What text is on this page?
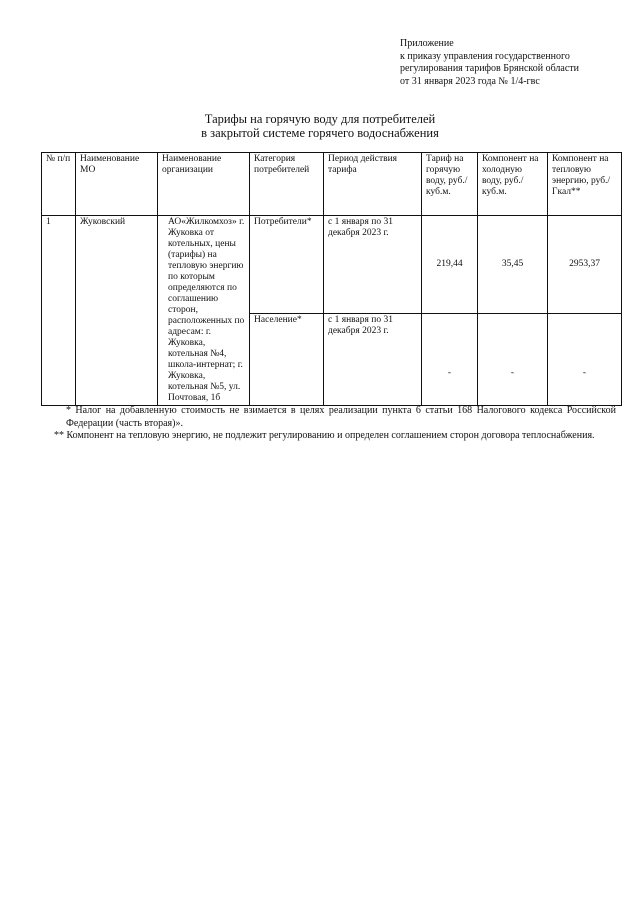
Приложение
к приказу управления государственного
регулирования тарифов Брянской области
от 31 января 2023 года № 1/4-гвс
Тарифы на горячую воду для потребителей
в закрытой системе горячего водоснабжения
№ п/п	Наименование МО	Наименование организации	Категория потребителей	Период действия тарифа	Тариф на горячую воду, руб./ куб.м.	Компонент на холодную воду, руб./ куб.м.	Компонент на тепловую энергию, руб./ Гкал**
1	Жуковский	АО«Жилкомхоз» г. Жуковка от котельных, цены (тарифы) на тепловую энергию по которым определяются по соглашению сторон, расположенных по адресам: г. Жуковка, котельная №4, школа-интернат; г. Жуковка, котельная №5, ул. Почтовая, 1б	Потребители*	с 1 января по 31 декабря 2023 г.	219,44	35,45	2953,37
			Население*	с 1 января по 31 декабря 2023 г.	-	-	-

* Налог на добавленную стоимость не взимается в целях реализации пункта 6 статьи 168 Налогового кодекса Российской Федерации (часть вторая)».

** Компонент на тепловую энергию, не подлежит регулированию и определен соглашением сторон договора теплоснабжения.
